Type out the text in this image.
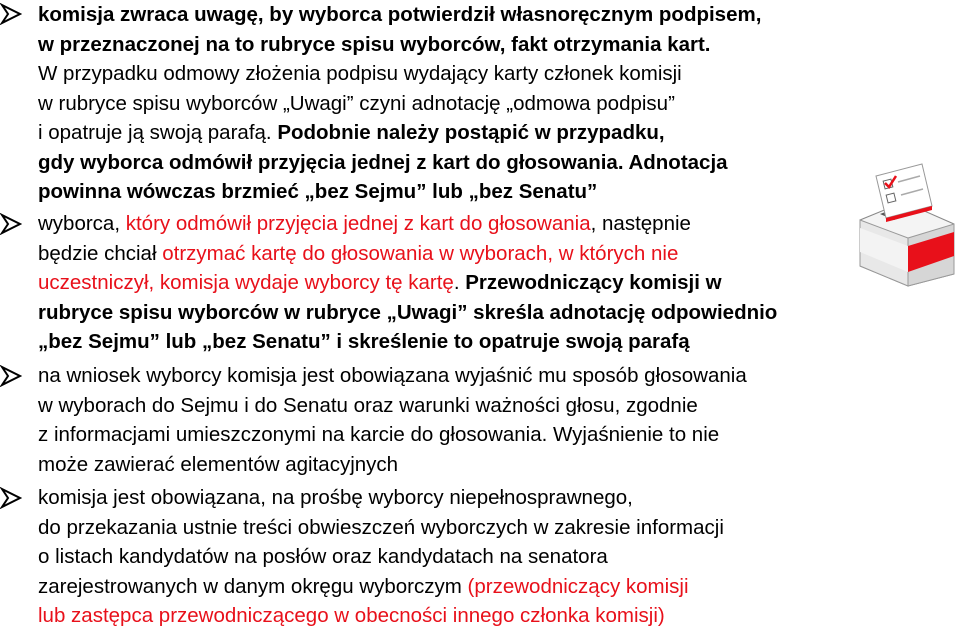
komisja zwraca uwagę, by wyborca potwierdził własnoręcznym podpisem,
w przeznaczonej na to rubryce spisu wyborców, fakt otrzymania kart.
W przypadku odmowy złożenia podpisu wydający karty członek komisji
w rubryce spisu wyborców „Uwagi” czyni adnotację „odmowa podpisu”
i opatruje ją swoją parafą. Podobnie należy postąpić w przypadku,
gdy wyborca odmówił przyjęcia jednej z kart do głosowania. Adnotacja
powinna wówczas brzmieć „bez Sejmu” lub „bez Senatu”
wyborca, który odmówił przyjęcia jednej z kart do głosowania, następnie
będzie chciał otrzymać kartę do głosowania w wyborach, w których nie
uczestniczył, komisja wydaje wyborcy tę kartę. Przewodniczący komisji w
rubryce spisu wyborców w rubryce „Uwagi” skreśla adnotację odpowiednio
„bez Sejmu” lub „bez Senatu” i skreślenie to opatruje swoją parafą
na wniosek wyborcy komisja jest obowiązana wyjaśnić mu sposób głosowania
w wyborach do Sejmu i do Senatu oraz warunki ważności głosu, zgodnie
z informacjami umieszczonymi na karcie do głosowania. Wyjaśnienie to nie
może zawierać elementów agitacyjnych
komisja jest obowiązana, na prośbę wyborcy niepełnosprawnego,
do przekazania ustnie treści obwieszczeń wyborczych w zakresie informacji
o listach kandydatów na posłów oraz kandydatach na senatora
zarejestrowanych w danym okręgu wyborczym (przewodniczący komisji
lub zastępca przewodniczącego w obecności innego członka komisji)
